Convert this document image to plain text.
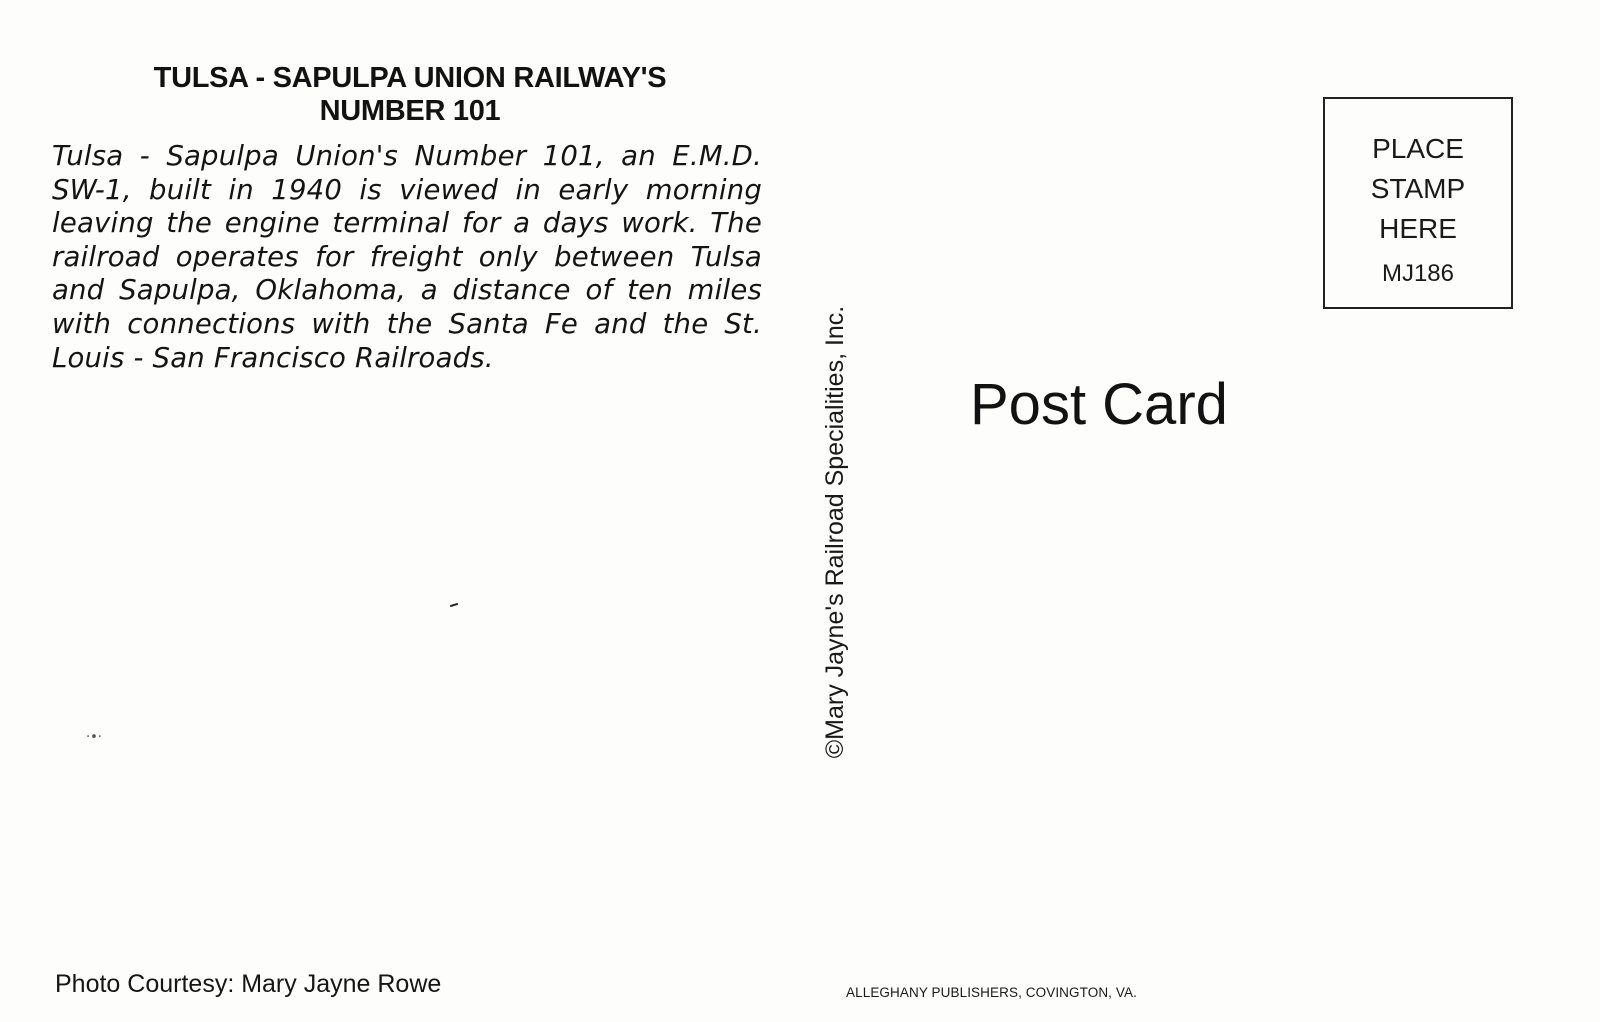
TULSA - SAPULPA UNION RAILWAY'S
NUMBER 101
Tulsa - Sapulpa Union's Number 101, an E.M.D. SW-1, built in 1940 is viewed in early morning leaving the engine terminal for a days work. The railroad operates for freight only between Tulsa and Sapulpa, Oklahoma, a distance of ten miles with connections with the Santa Fe and the St. Louis - San Francisco Railroads.
·•·	©Mary Jayne's Railroad Specialities, Inc.
PLACE
STAMP
HERE
MJ186
Post Card
Photo Courtesy: Mary Jayne Rowe	ALLEGHANY PUBLISHERS, COVINGTON, VA.
